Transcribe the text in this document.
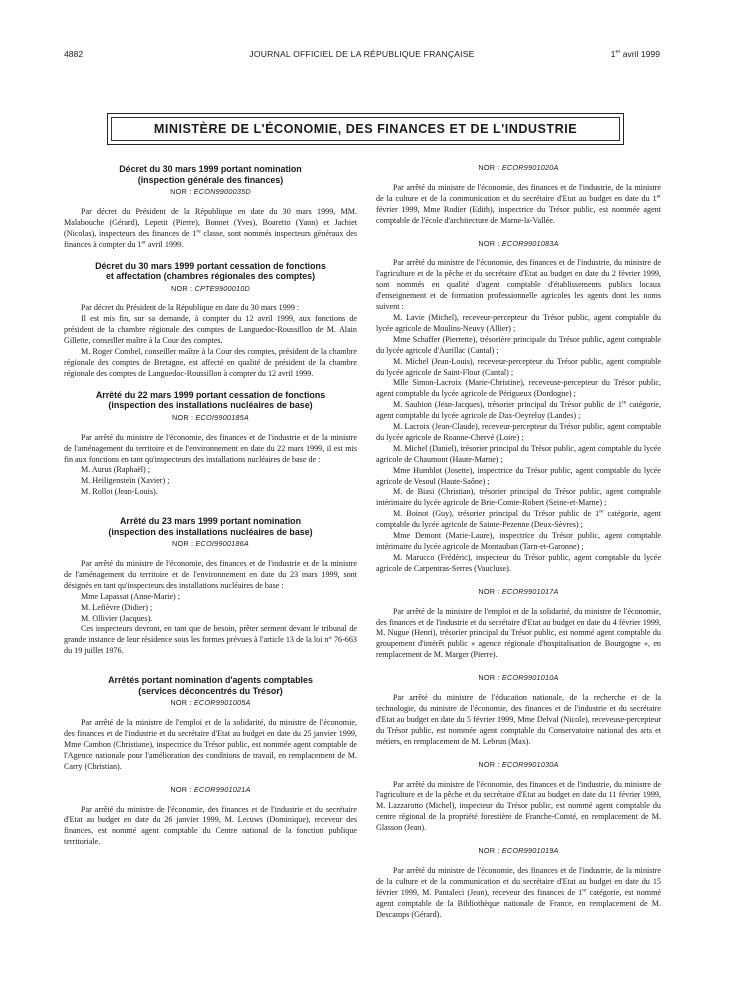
4882	JOURNAL OFFICIEL DE LA RÉPUBLIQUE FRANÇAISE	1er avril 1999
MINISTÈRE DE L'ÉCONOMIE, DES FINANCES ET DE L'INDUSTRIE
Décret du 30 mars 1999 portant nomination
(inspection générale des finances)
NOR : ECON9900035D

Par décret du Président de la République en date du 30 mars 1999, MM. Malabouche (Gérard), Lepetit (Pierre), Bonnet (Yves), Boaretto (Yann) et Jachiet (Nicolas), inspecteurs des finances de 1re classe, sont nommés inspecteurs généraux des finances à compter du 1er avril 1999.

Décret du 30 mars 1999 portant cessation de fonctions
et affectation (chambres régionales des comptes)
NOR : CPTE9900010D

Par décret du Président de la République en date du 30 mars 1999 :

Il est mis fin, sur sa demande, à compter du 12 avril 1999, aux fonctions de président de la chambre régionale des comptes de Languedoc-Roussillon de M. Alain Gillette, conseiller maître à la Cour des comptes.

M. Roger Combel, conseiller maître à la Cour des comptes, président de la chambre régionale des comptes de Bretagne, est affecté en qualité de président de la chambre régionale des comptes de Languedoc-Roussillon à compter du 12 avril 1999.

Arrêté du 22 mars 1999 portant cessation de fonctions
(inspection des installations nucléaires de base)
NOR : ECOI9900185A

Par arrêté du ministre de l'économie, des finances et de l'industrie et de la ministre de l'aménagement du territoire et de l'environnement en date du 22 mars 1999, il est mis fin aux fonctions en tant qu'inspecteurs des installations nucléaires de base de :

M. Aurus (Raphaël) ;

M. Heiligensteïn (Xavier) ;

M. Rollot (Jean-Louis).

Arrêté du 23 mars 1999 portant nomination
(inspection des installations nucléaires de base)
NOR : ECOI9900186A

Par arrêté du ministre de l'économie, des finances et de l'industrie et de la ministre de l'aménagement du territoire et de l'environnement en date du 23 mars 1999, sont désignés en tant qu'inspecteurs des installations nucléaires de base :

Mme Lapassat (Anne-Marie) ;

M. Lefièvre (Didier) ;

M. Ollivier (Jacques).

Ces inspecteurs devront, en tant que de besoin, prêter serment devant le tribunal de grande instance de leur résidence sous les formes prévues à l'article 13 de la loi n° 76-663 du 19 juillet 1976.

Arrêtés portant nomination d'agents comptables
(services déconcentrés du Trésor)
NOR : ECOR9901005A

Par arrêté de la ministre de l'emploi et de la solidarité, du ministre de l'économie, des finances et de l'industrie et du secrétaire d'Etat au budget en date du 25 janvier 1999, Mme Cambon (Christiane), inspectrice du Trésor public, est nommée agent comptable de l'Agence nationale pour l'amélioration des conditions de travail, en remplacement de M. Carry (Christian).

NOR : ECOR9901021A

Par arrêté du ministre de l'économie, des finances et de l'industrie et du secrétaire d'Etat au budget en date du 26 janvier 1999, M. Lecuws (Dominique), receveur des finances, est nommé agent comptable du Centre national de la fonction publique territoriale.

NOR : ECOR9901020A

Par arrêté du ministre de l'économie, des finances et de l'industrie, de la ministre de la culture et de la communication et du secrétaire d'Etat au budget en date du 1er février 1999, Mme Rodier (Edith), inspectrice du Trésor public, est nommée agent comptable de l'école d'architecture de Marne-la-Vallée.

NOR : ECOR9901083A

Par arrêté du ministre de l'économie, des finances et de l'industrie, du ministre de l'agriculture et de la pêche et du secrétaire d'Etat au budget en date du 2 février 1999, sont nommés en qualité d'agent comptable d'établissements publics locaux d'enseignement et de formation professionnelle agricoles les agents dont les noms suivent :

M. Lavie (Michel), receveur-percepteur du Trésor public, agent comptable du lycée agricole de Moulins-Neuvy (Allier) ;

Mme Schaffer (Pierrette), trésorière principale du Trésor public, agent comptable du lycée agricole d'Aurillac (Cantal) ;

M. Michel (Jean-Louis), receveur-percepteur du Trésor public, agent comptable du lycée agricole de Saint-Flour (Cantal) ;

Mlle Simon-Lacroix (Marie-Christine), receveuse-percepteur du Trésor public, agent comptable du lycée agricole de Périgueux (Dordogne) ;

M. Saubion (Jean-Jacques), trésorier principal du Trésor public de 1re catégorie, agent comptable du lycée agricole de Dax-Oeyreluy (Landes) ;

M. Lacroix (Jean-Claude), receveur-percepteur du Trésor public, agent comptable du lycée agricole de Roanne-Chervé (Loire) ;

M. Michel (Daniel), trésorier principal du Trésor public, agent comptable du lycée agricole de Chaumont (Haute-Marne) ;

Mme Humblot (Josette), inspectrice du Trésor public, agent comptable du lycée agricole de Vesoul (Haute-Saône) ;

M. de Biasi (Christian), trésorier principal du Trésor public, agent comptable intérimaire du lycée agricole de Brie-Comte-Robert (Seine-et-Marne) ;

M. Boinot (Guy), trésorier principal du Trésor public de 1re catégorie, agent comptable du lycée agricole de Sainte-Pezenne (Deux-Sèvres) ;

Mme Demont (Marie-Laure), inspectrice du Trésor public, agent comptable intérimaire du lycée agricole de Montauban (Tarn-et-Garonne) ;

M. Marucco (Frédéric), inspecteur du Trésor public, agent comptable du lycée agricole de Carpentras-Serres (Vaucluse).

NOR : ECOR9901017A

Par arrêté de la ministre de l'emploi et de la solidarité, du ministre de l'économie, des finances et de l'industrie et du secrétaire d'Etat au budget en date du 4 février 1999, M. Nugue (Henri), trésorier principal du Trésor public, est nommé agent comptable du groupement d'intérêt public « agence régionale d'hospitalisation de Bourgogne », en remplacement de M. Marger (Pierre).

NOR : ECOR9901010A

Par arrêté du ministre de l'éducation nationale, de la recherche et de la technologie, du ministre de l'économie, des finances et de l'industrie et du secrétaire d'Etat au budget en date du 5 février 1999, Mme Delval (Nicole), receveuse-percepteur du Trésor public, est nommée agent comptable du Conservatoire national des arts et métiers, en remplacement de M. Lebrun (Max).

NOR : ECOR9901030A

Par arrêté du ministre de l'économie, des finances et de l'industrie, du ministre de l'agriculture et de la pêche et du secrétaire d'Etat au budget en date du 11 février 1999, M. Lazzarotto (Michel), inspecteur du Trésor public, est nommé agent comptable du centre régional de la propriété forestière de Franche-Comté, en remplacement de M. Glasson (Jean).

NOR : ECOR9901019A

Par arrêté du ministre de l'économie, des finances et de l'industrie, de la ministre de la culture et de la communication et du secrétaire d'Etat au budget en date du 15 février 1999, M. Pantaleci (Jean), receveur des finances de 1re catégorie, est nommé agent comptable de la Bibliothèque nationale de France, en remplacement de M. Descamps (Gérard).
